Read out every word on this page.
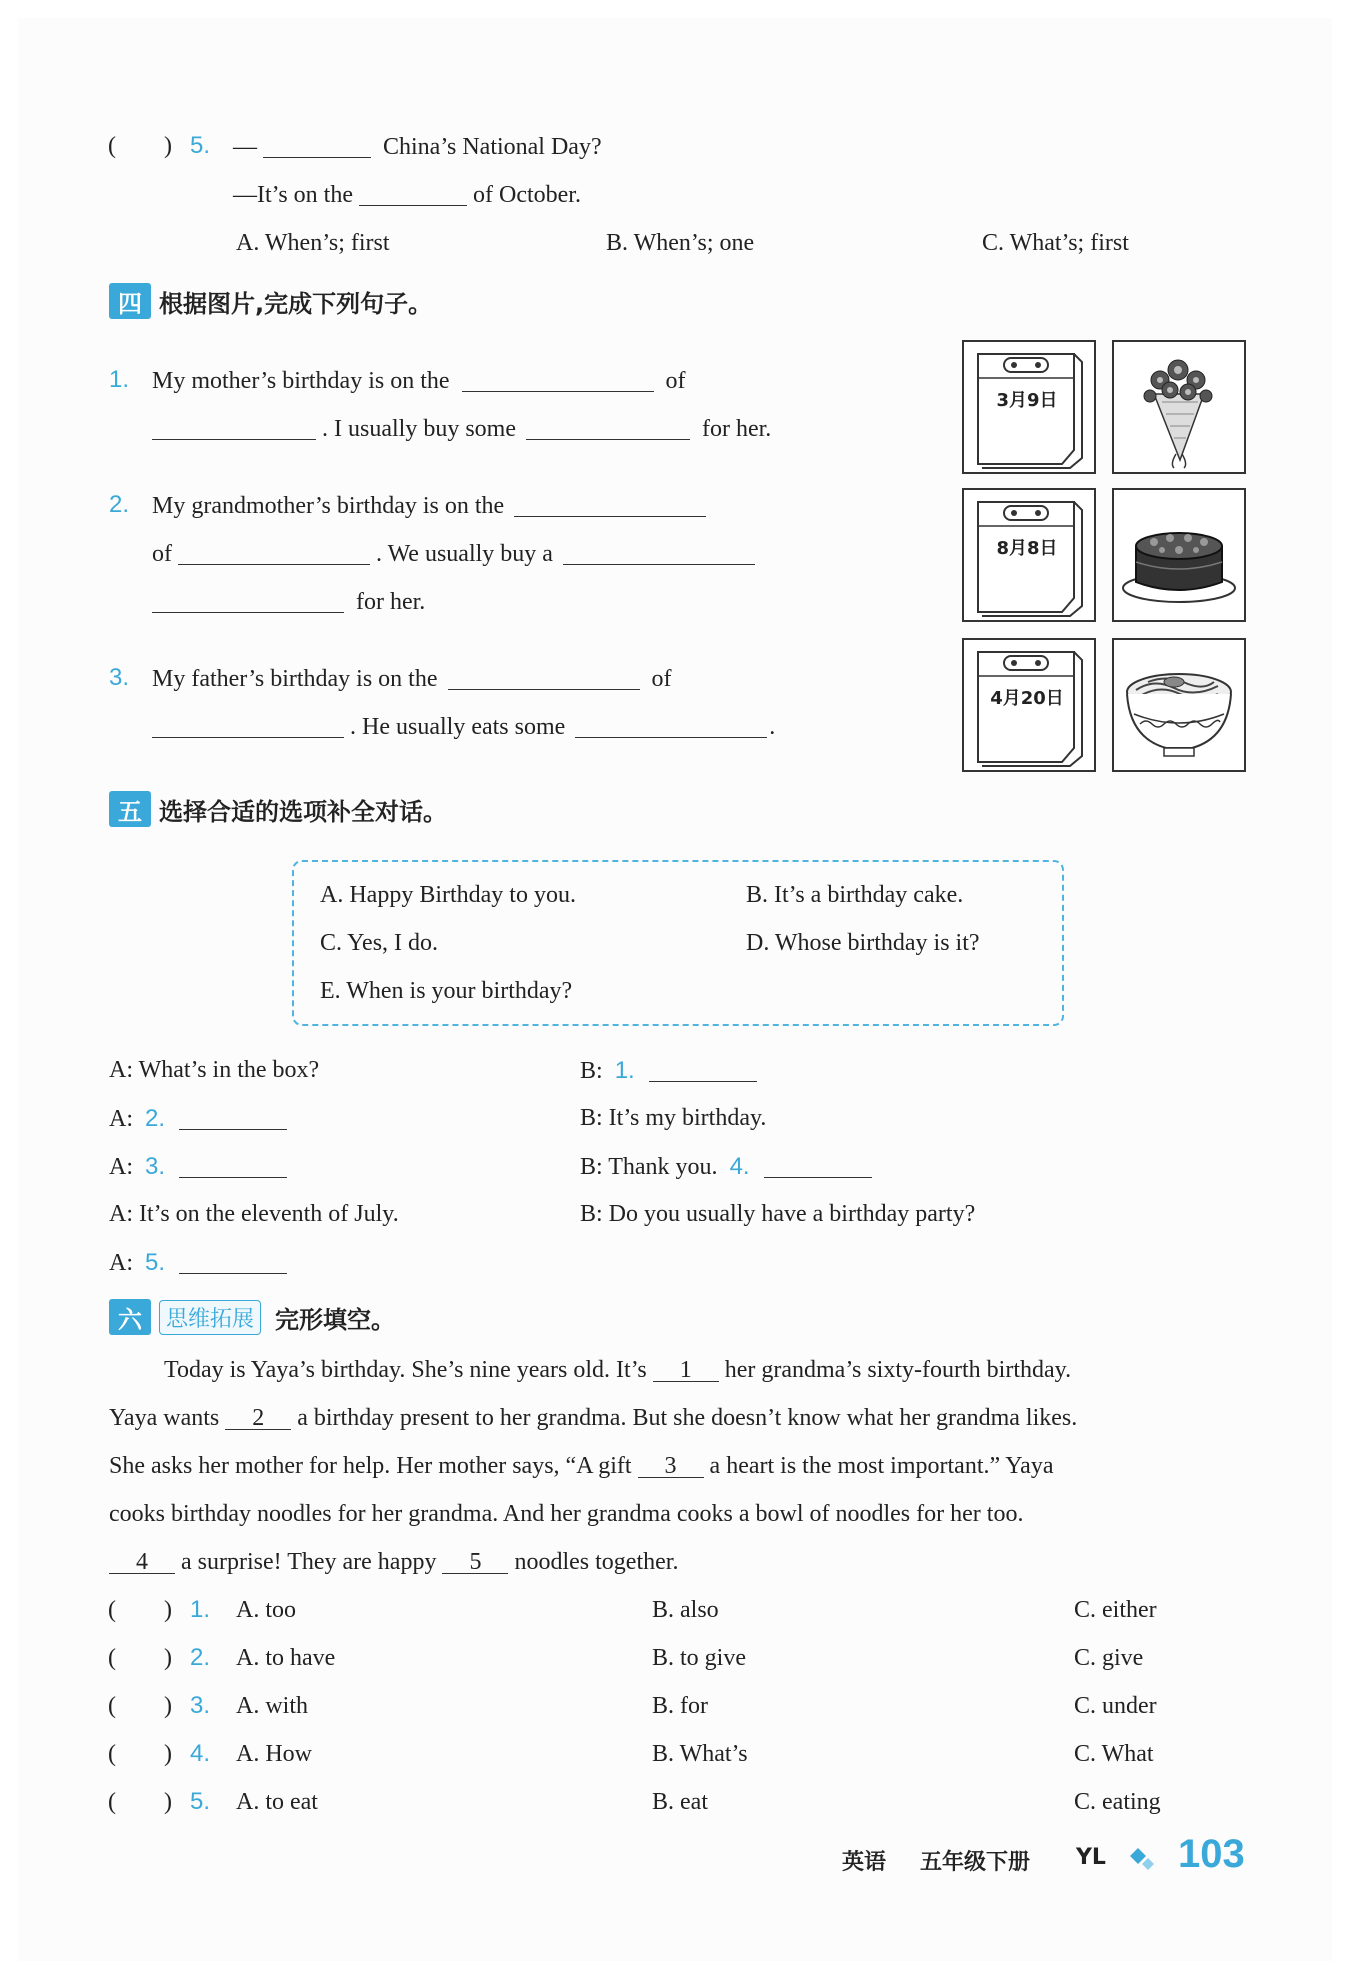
(　　) 5. —	China’s National Day?
—It’s on the	of October.
A. When’s; first	B. When’s; one	C. What’s; first
四 根据图片,完成下列句子。
1. My mother’s birthday is on the	of
. I usually buy some	for her.
2. My grandmother’s birthday is on the
of	. We usually buy a
for her.
3. My father’s birthday is on the	of
. He usually eats some	.
3月9日
8月8日
4月20日
五 选择合适的选项补全对话。
A. Happy Birthday to you.	B. It’s a birthday cake.
C. Yes, I do.	D. Whose birthday is it?
E. When is your birthday?
A: What’s in the box?	B: 1.
A: 2.	B: It’s my birthday.
A: 3.	B: Thank you. 4.
A: It’s on the eleventh of July.	B: Do you usually have a birthday party?
A: 5.
六	思维拓展 完形填空。
Today is Yaya’s birthday. She’s nine years old. It’s 1 her grandma’s sixty-fourth birthday.
Yaya wants 2 a birthday present to her grandma. But she doesn’t know what her grandma likes.
She asks her mother for help. Her mother says, “A gift 3 a heart is the most important.” Yaya
cooks birthday noodles for her grandma. And her grandma cooks a bowl of noodles for her too.
4 a surprise! They are happy 5 noodles together.
(　　) 1. A. too	B. also	C. either
(　　) 2. A. to have	B. to give	C. give
(　　) 3. A. with	B. for	C. under
(　　) 4. A. How	B. What’s	C. What
(　　) 5. A. to eat	B. eat	C. eating
英语 五年级下册 YL 103
